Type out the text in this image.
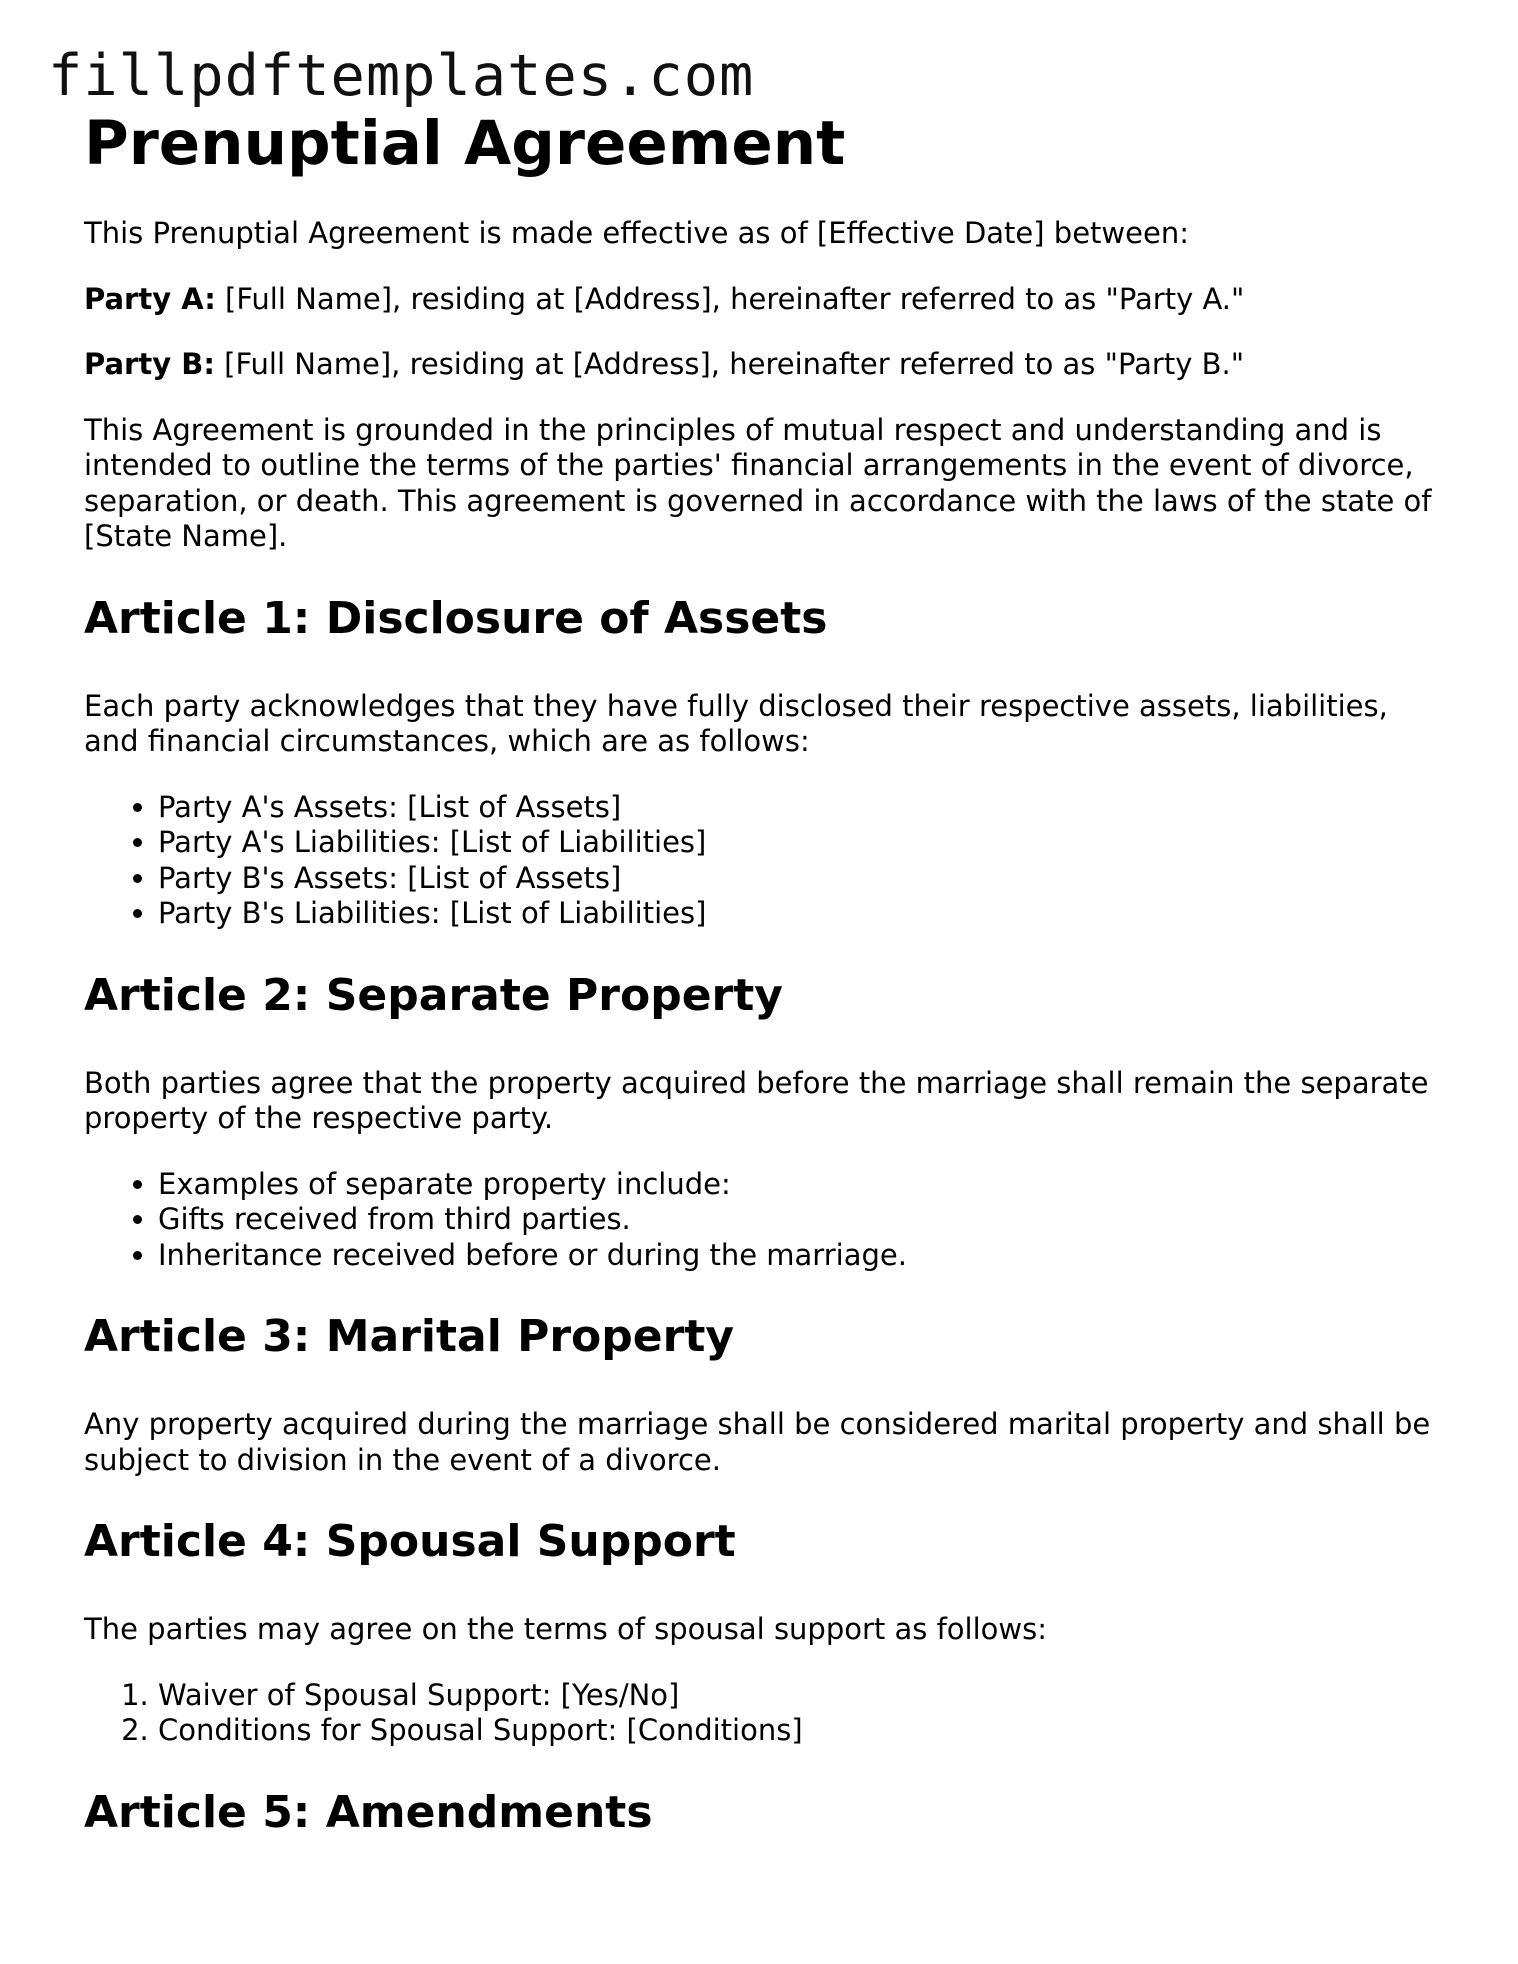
fillpdftemplates.com
Prenuptial Agreement

This Prenuptial Agreement is made effective as of [Effective Date] between:

Party A: [Full Name], residing at [Address], hereinafter referred to as "Party A."

Party B: [Full Name], residing at [Address], hereinafter referred to as "Party B."

This Agreement is grounded in the principles of mutual respect and understanding and is intended to outline the terms of the parties' financial arrangements in the event of divorce, separation, or death. This agreement is governed in accordance with the laws of the state of [State Name].

Article 1: Disclosure of Assets

Each party acknowledges that they have fully disclosed their respective assets, liabilities, and financial circumstances, which are as follows:

• Party A's Assets: [List of Assets]
• Party A's Liabilities: [List of Liabilities]
• Party B's Assets: [List of Assets]
• Party B's Liabilities: [List of Liabilities]
Article 2: Separate Property

Both parties agree that the property acquired before the marriage shall remain the separate property of the respective party.

• Examples of separate property include:
• Gifts received from third parties.
• Inheritance received before or during the marriage.
Article 3: Marital Property

Any property acquired during the marriage shall be considered marital property and shall be subject to division in the event of a divorce.

Article 4: Spousal Support

The parties may agree on the terms of spousal support as follows:

1. Waiver of Spousal Support: [Yes/No]
2. Conditions for Spousal Support: [Conditions]
Article 5: Amendments
